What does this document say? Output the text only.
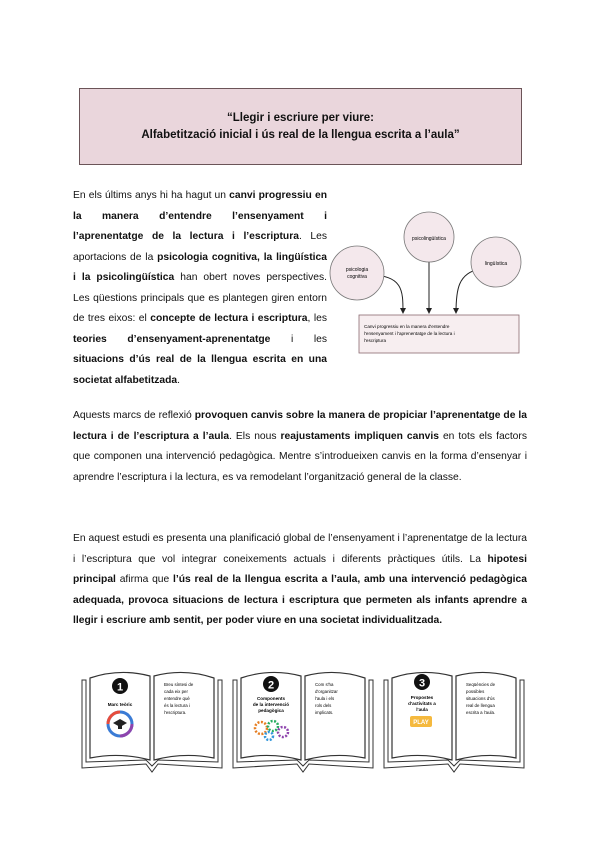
“Llegir i escriure per viure:
Alfabetització inicial i ús real de la llengua escrita a l’aula”

En els últims anys hi ha hagut un canvi progressiu en la manera d’entendre l’ensenyament i l’aprenentatge de la lectura i l’escriptura. Les aportacions de la psicologia cognitiva, la lingüística i la psicolingüística han obert noves perspectives. Les qüestions principals que es plantegen giren entorn de tres eixos: el concepte de lectura i escriptura, les teories d’ensenyament-aprenentatge i les situacions d’ús real de la llengua escrita en una societat alfabetitzada.

Aquests marcs de reflexió provoquen canvis sobre la manera de propiciar l’aprenentatge de la lectura i de l’escriptura a l’aula. Els nous reajustaments impliquen canvis en tots els factors que componen una intervenció pedagògica. Mentre s’introdueixen canvis en la forma d’ensenyar i aprendre l’escriptura i la lectura, es va remodelant l’organització general de la classe.

En aquest estudi es presenta una planificació global de l’ensenyament i l’aprenentatge de la lectura i l’escriptura que vol integrar coneixements actuals i diferents pràctiques útils. La hipotesi principal afirma que l’ús real de la llengua escrita a l’aula, amb una intervenció pedagògica adequada, provoca situacions de lectura i escriptura que permeten als infants aprendre a llegir i escriure amb sentit, per poder viure en una societat individualitzada.

psicologia
cognitiva
psicolingüística
lingüística
Canvi progressiu en la manera d'entendre
l'ensenyament i l'aprenentatge de la lectura i
l'escriptura
1
Marc teòric
Breu síntesi de
cada eix per
entendre què
és la lectura i
l'escriptura.
2
Components
de la intervenció
pedagògica
Com s'ha
d'organitzar
l'aula i els
rols dels
implicats.
3
Propostes
d'activitats a
l'aula
PLAY
Seqüències de
possibles
situacions d'ús
real de llengua
escrita a l'aula.
